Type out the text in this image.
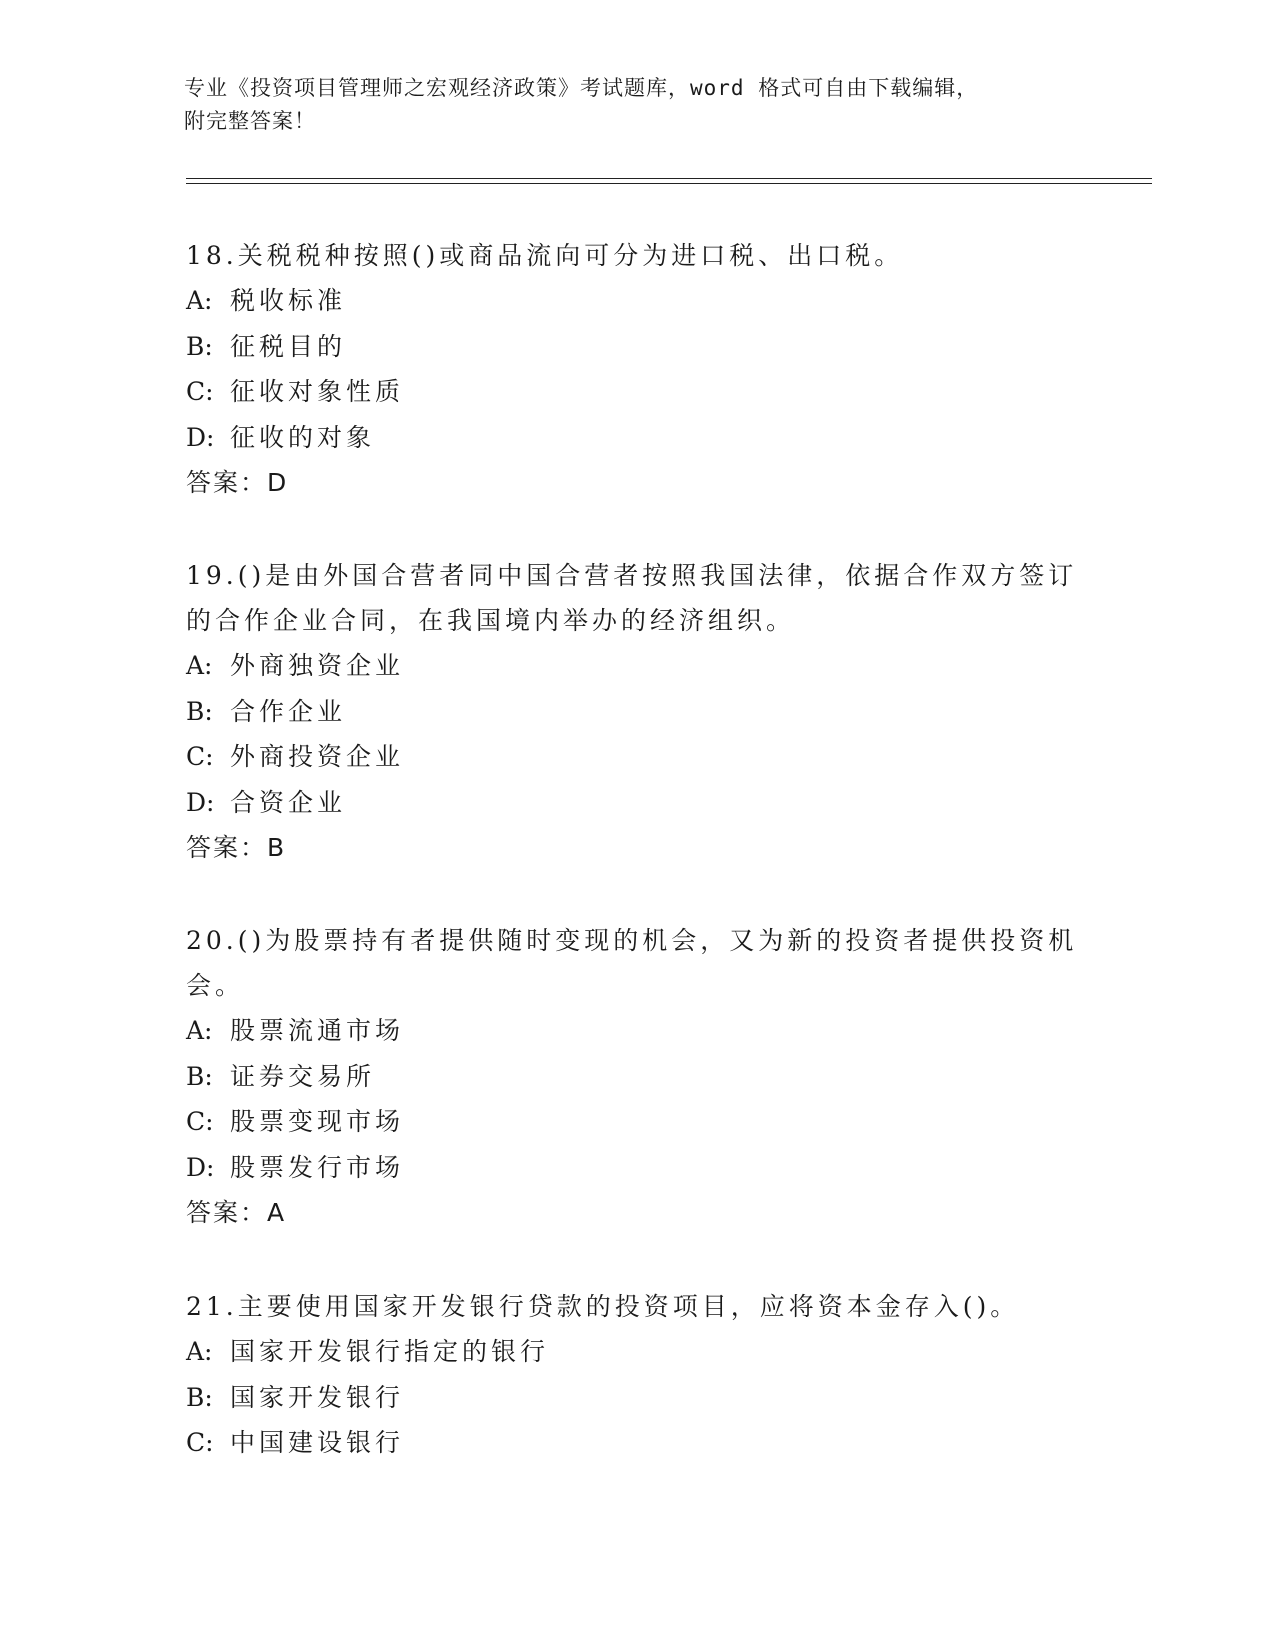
专业《投资项目管理师之宏观经济政策》考试题库，word 格式可自由下载编辑，
附完整答案！

18.关税税种按照()或商品流向可分为进口税、出口税。

A: 税收标准

B: 征税目的

C: 征收对象性质

D: 征收的对象

答案：D

19.()是由外国合营者同中国合营者按照我国法律，依据合作双方签订的合作企业合同，在我国境内举办的经济组织。

A: 外商独资企业

B: 合作企业

C: 外商投资企业

D: 合资企业

答案：B

20.()为股票持有者提供随时变现的机会，又为新的投资者提供投资机会。

A: 股票流通市场

B: 证券交易所

C: 股票变现市场

D: 股票发行市场

答案：A

21.主要使用国家开发银行贷款的投资项目，应将资本金存入()。

A: 国家开发银行指定的银行

B: 国家开发银行

C: 中国建设银行
